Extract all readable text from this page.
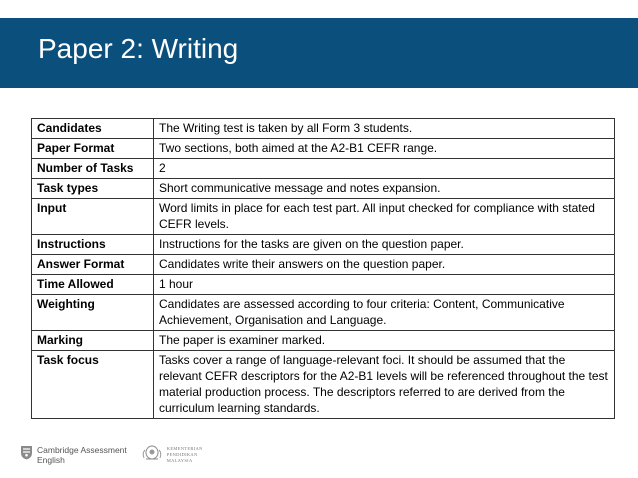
Paper 2: Writing
Candidates	The Writing test is taken by all Form 3 students.
Paper Format	Two sections, both aimed at the A2-B1 CEFR range.
Number of Tasks	2
Task types	Short communicative message and notes expansion.
Input	Word limits in place for each test part. All input checked for compliance with stated CEFR levels.
Instructions	Instructions for the tasks are given on the question paper.
Answer Format	Candidates write their answers on the question paper.
Time Allowed	1 hour
Weighting	Candidates are assessed according to four criteria: Content, Communicative Achievement, Organisation and Language.
Marking	The paper is examiner marked.
Task focus	Tasks cover a range of language-relevant foci. It should be assumed that the relevant CEFR descriptors for the A2-B1 levels will be referenced throughout the test material production process. The descriptors referred to are derived from the curriculum learning standards.
Cambridge Assessment
English
KEMENTERIAN
PENDIDIKAN
MALAYSIA
